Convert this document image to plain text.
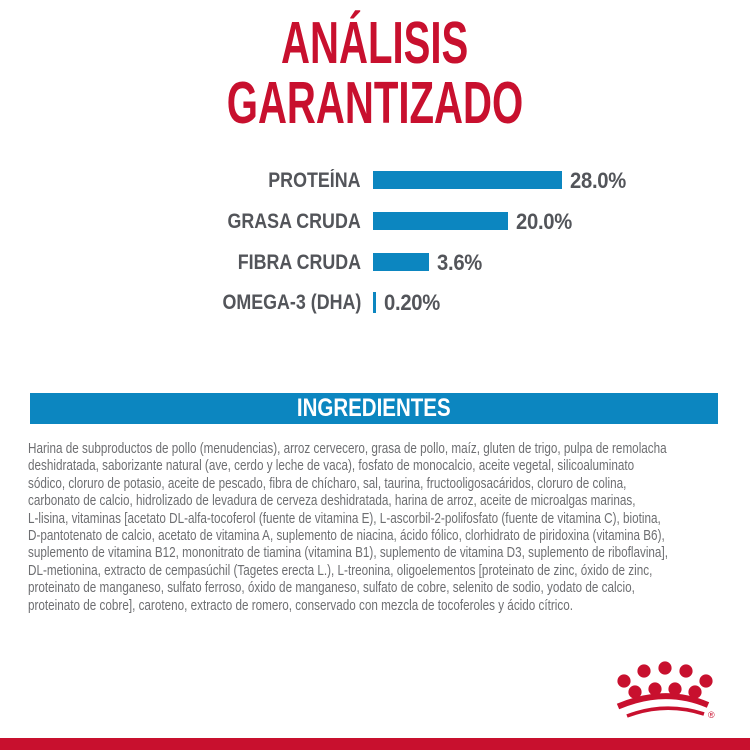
ANÁLISIS
GARANTIZADO
PROTEÍNA	28.0%
GRASA CRUDA	20.0%
FIBRA CRUDA	3.6%
OMEGA-3 (DHA) 0.20%
INGREDIENTES
Harina de subproductos de pollo (menudencias), arroz cervecero, grasa de pollo, maíz, gluten de trigo, pulpa de remolacha
deshidratada, saborizante natural (ave, cerdo y leche de vaca), fosfato de monocalcio, aceite vegetal, silicoaluminato
sódico, cloruro de potasio, aceite de pescado, fibra de chícharo, sal, taurina, fructooligosacáridos, cloruro de colina,
carbonato de calcio, hidrolizado de levadura de cerveza deshidratada, harina de arroz, aceite de microalgas marinas,
L-lisina, vitaminas [acetato DL-alfa-tocoferol (fuente de vitamina E), L-ascorbil-2-polifosfato (fuente de vitamina C), biotina,
D-pantotenato de calcio, acetato de vitamina A, suplemento de niacina, ácido fólico, clorhidrato de piridoxina (vitamina B6),
suplemento de vitamina B12, mononitrato de tiamina (vitamina B1), suplemento de vitamina D3, suplemento de riboflavina],
DL-metionina, extracto de cempasúchil (Tagetes erecta L.), L-treonina, oligoelementos [proteinato de zinc, óxido de zinc,
proteinato de manganeso, sulfato ferroso, óxido de manganeso, sulfato de cobre, selenito de sodio, yodato de calcio,
proteinato de cobre], caroteno, extracto de romero, conservado con mezcla de tocoferoles y ácido cítrico.
®
